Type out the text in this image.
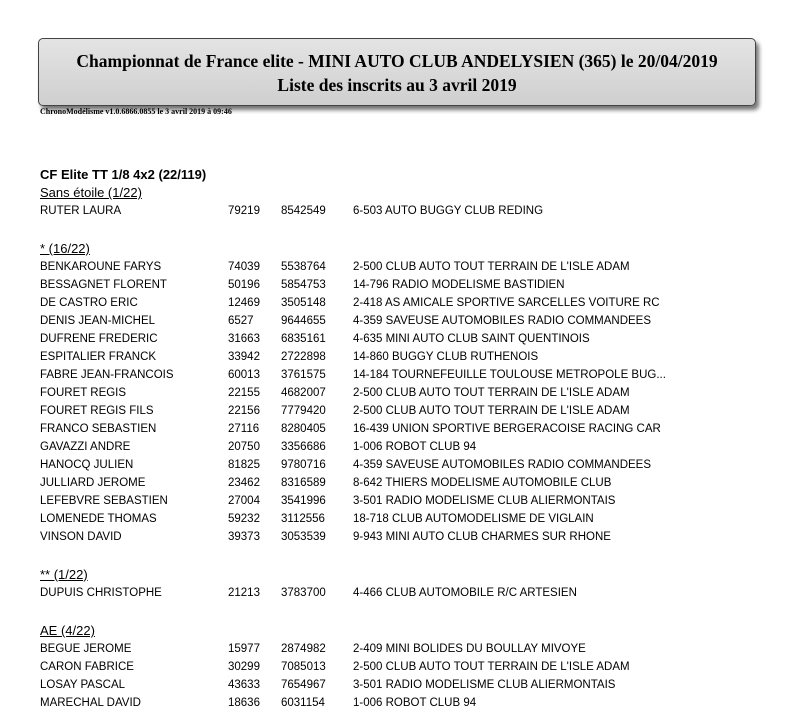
Championnat de France elite - MINI AUTO CLUB ANDELYSIEN (365) le 20/04/2019
Liste des inscrits au 3 avril 2019
ChronoModélisme v1.0.6866.0855 le 3 avril 2019 à 09:46
CF Elite TT 1/8 4x2 (22/119)
Sans étoile (1/22)
RUTER LAURA	79219 8542549 6-503 AUTO BUGGY CLUB REDING
* (16/22)
BENKAROUNE FARYS	74039 5538764 2-500 CLUB AUTO TOUT TERRAIN DE L'ISLE ADAM
BESSAGNET FLORENT	50196 5854753 14-796 RADIO MODELISME BASTIDIEN
DE CASTRO ERIC	12469 3505148 2-418 AS AMICALE SPORTIVE SARCELLES VOITURE RC
DENIS JEAN-MICHEL	6527 9644655 4-359 SAVEUSE AUTOMOBILES RADIO COMMANDEES
DUFRENE FREDERIC	31663 6835161 4-635 MINI AUTO CLUB SAINT QUENTINOIS
ESPITALIER FRANCK	33942 2722898 14-860 BUGGY CLUB RUTHENOIS
FABRE JEAN-FRANCOIS	60013 3761575 14-184 TOURNEFEUILLE TOULOUSE METROPOLE BUG...
FOURET REGIS	22155 4682007 2-500 CLUB AUTO TOUT TERRAIN DE L'ISLE ADAM
FOURET REGIS FILS	22156 7779420 2-500 CLUB AUTO TOUT TERRAIN DE L'ISLE ADAM
FRANCO SEBASTIEN	27116 8280405 16-439 UNION SPORTIVE BERGERACOISE RACING CAR
GAVAZZI ANDRE	20750 3356686 1-006 ROBOT CLUB 94
HANOCQ JULIEN	81825 9780716 4-359 SAVEUSE AUTOMOBILES RADIO COMMANDEES
JULLIARD JEROME	23462 8316589 8-642 THIERS MODELISME AUTOMOBILE CLUB
LEFEBVRE SEBASTIEN	27004 3541996 3-501 RADIO MODELISME CLUB ALIERMONTAIS
LOMENEDE THOMAS	59232 3112556 18-718 CLUB AUTOMODELISME DE VIGLAIN
VINSON DAVID	39373 3053539 9-943 MINI AUTO CLUB CHARMES SUR RHONE
** (1/22)
DUPUIS CHRISTOPHE	21213 3783700 4-466 CLUB AUTOMOBILE R/C ARTESIEN
AE (4/22)
BEGUE JEROME	15977 2874982 2-409 MINI BOLIDES DU BOULLAY MIVOYE
CARON FABRICE	30299 7085013 2-500 CLUB AUTO TOUT TERRAIN DE L'ISLE ADAM
LOSAY PASCAL	43633 7654967 3-501 RADIO MODELISME CLUB ALIERMONTAIS
MARECHAL DAVID	18636 6031154 1-006 ROBOT CLUB 94
